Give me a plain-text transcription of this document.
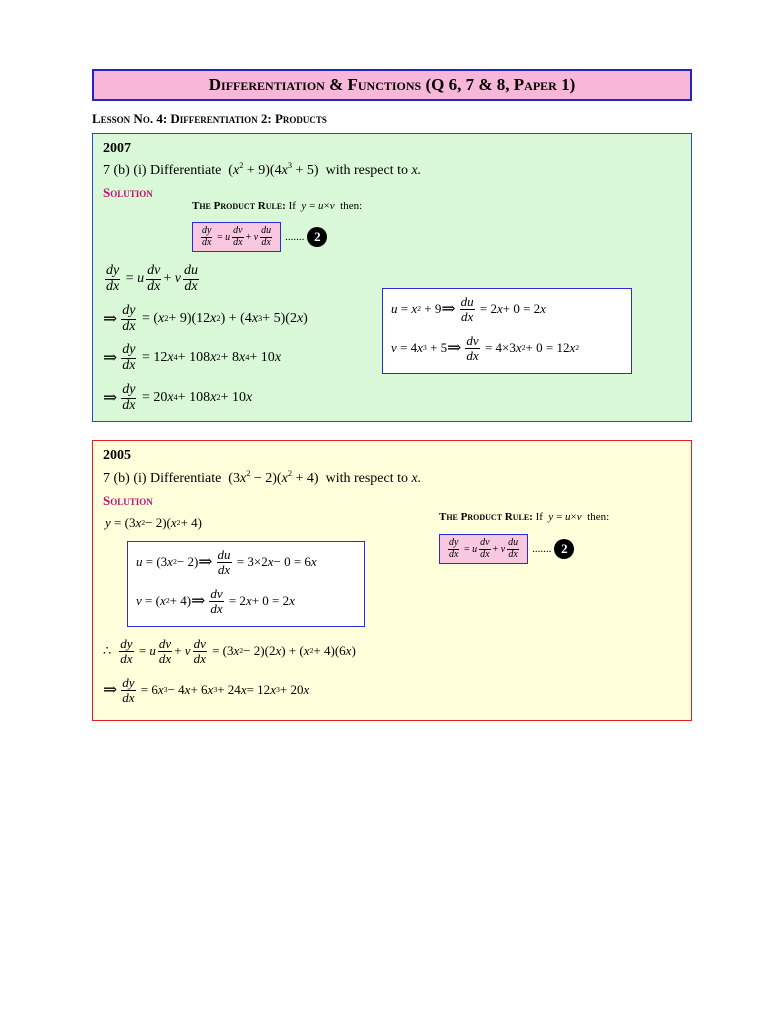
Differentiation & Functions (Q 6, 7 & 8, Paper 1)
Lesson No. 4: Differentiation 2: Products
2007
7 (b) (i) Differentiate  $(x^2 + 9)(4x^3 + 5)$  with respect to x.
Solution
The Product Rule: If y = u×v then:
$\frac{dy}{dx} = u \frac{dv}{dx} + v \frac{du}{dx}$ ....... 2
$\frac{dy}{dx} = u \frac{dv}{dx} + v \frac{du}{dx}$
⇒ $\frac{dy}{dx}$ = ( x 2 + 9)(12 x 2 ) + (4 x 3 + 5)(2 x )
⇒ $\frac{dy}{dx} = 12$ x 4 + 108 x 2 + 8 x 4 + 10 x
⇒ $\frac{dy}{dx} = 20$ x 4 + 108 x 2 + 10 x
u = x 2 + 9 ⇒ $\frac{du}{dx} = 2$ x + 0 = 2 x
v = 4 x 3 + 5 ⇒ $\frac{dv}{dx} = 4\times 3$ x 2 + 0 = 12 x 2
2005
7 (b) (i) Differentiate  $(3x^2 - 2)(x^2 + 4)$  with respect to x.
Solution
y = (3 x 2 − 2)( x 2 + 4)	The Product Rule: If y = u×v then:
$\frac{dy}{dx} = u \frac{dv}{dx} + v \frac{du}{dx}$ ....... 2
u = (3 x 2 − 2) ⇒ $\frac{du}{dx} = 3\times 2$ x − 0 = 6 x
v = ( x 2 + 4) ⇒ $\frac{dv}{dx} = 2$ x + 0 = 2 x
∴ $\frac{dy}{dx} = u \frac{dv}{dx} + v \frac{dv}{dx} = (3$ x 2 − 2)(2 x ) + ( x 2 + 4)(6 x )
⇒ $\frac{dy}{dx} = 6$ x 3 − 4 x + 6 x 3 + 24 x = 12 x 3 + 20 x
